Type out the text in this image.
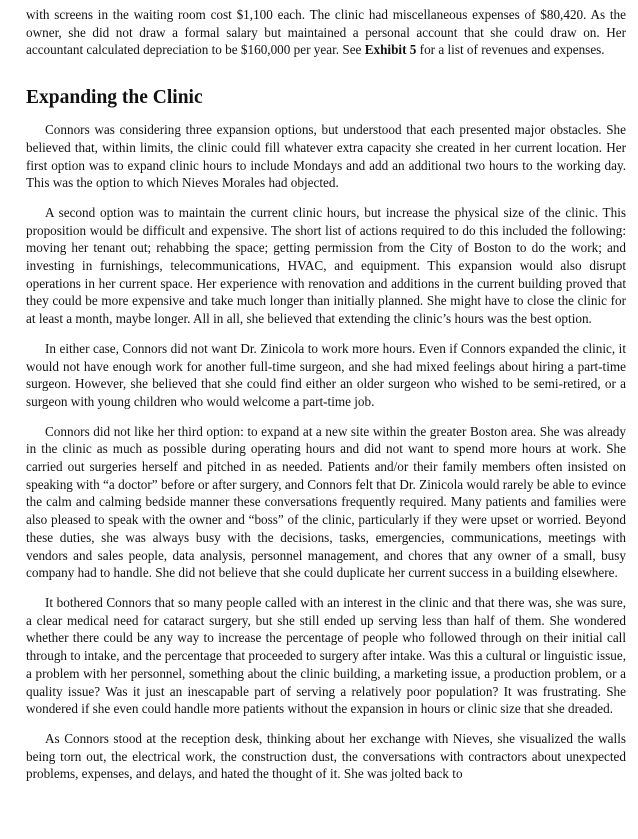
with screens in the waiting room cost $1,100 each. The clinic had miscellaneous expenses of $80,420. As the owner, she did not draw a formal salary but maintained a personal account that she could draw on. Her accountant calculated depreciation to be $160,000 per year. See Exhibit 5 for a list of revenues and expenses.

Expanding the Clinic

Connors was considering three expansion options, but understood that each presented major obstacles. She believed that, within limits, the clinic could fill whatever extra capacity she created in her current location. Her first option was to expand clinic hours to include Mondays and add an additional two hours to the working day. This was the option to which Nieves Morales had objected.

A second option was to maintain the current clinic hours, but increase the physical size of the clinic. This proposition would be difficult and expensive. The short list of actions required to do this included the following: moving her tenant out; rehabbing the space; getting permission from the City of Boston to do the work; and investing in furnishings, telecommunications, HVAC, and equipment. This expansion would also disrupt operations in her current space. Her experience with renovation and additions in the current building proved that they could be more expensive and take much longer than initially planned. She might have to close the clinic for at least a month, maybe longer. All in all, she believed that extending the clinic’s hours was the best option.

In either case, Connors did not want Dr. Zinicola to work more hours. Even if Connors expanded the clinic, it would not have enough work for another full-time surgeon, and she had mixed feelings about hiring a part-time surgeon. However, she believed that she could find either an older surgeon who wished to be semi-retired, or a surgeon with young children who would welcome a part-time job.

Connors did not like her third option: to expand at a new site within the greater Boston area. She was already in the clinic as much as possible during operating hours and did not want to spend more hours at work. She carried out surgeries herself and pitched in as needed. Patients and/or their family members often insisted on speaking with “a doctor” before or after surgery, and Connors felt that Dr. Zinicola would rarely be able to evince the calm and calming bedside manner these conversations frequently required. Many patients and families were also pleased to speak with the owner and “boss” of the clinic, particularly if they were upset or worried. Beyond these duties, she was always busy with the decisions, tasks, emergencies, communications, meetings with vendors and sales people, data analysis, personnel management, and chores that any owner of a small, busy company had to handle. She did not believe that she could duplicate her current success in a building elsewhere.

It bothered Connors that so many people called with an interest in the clinic and that there was, she was sure, a clear medical need for cataract surgery, but she still ended up serving less than half of them. She wondered whether there could be any way to increase the percentage of people who followed through on their initial call through to intake, and the percentage that proceeded to surgery after intake. Was this a cultural or linguistic issue, a problem with her personnel, something about the clinic building, a marketing issue, a production problem, or a quality issue? Was it just an inescapable part of serving a relatively poor population? It was frustrating. She wondered if she even could handle more patients without the expansion in hours or clinic size that she dreaded.

As Connors stood at the reception desk, thinking about her exchange with Nieves, she visualized the walls being torn out, the electrical work, the construction dust, the conversations with contractors about unexpected problems, expenses, and delays, and hated the thought of it. She was jolted back to
